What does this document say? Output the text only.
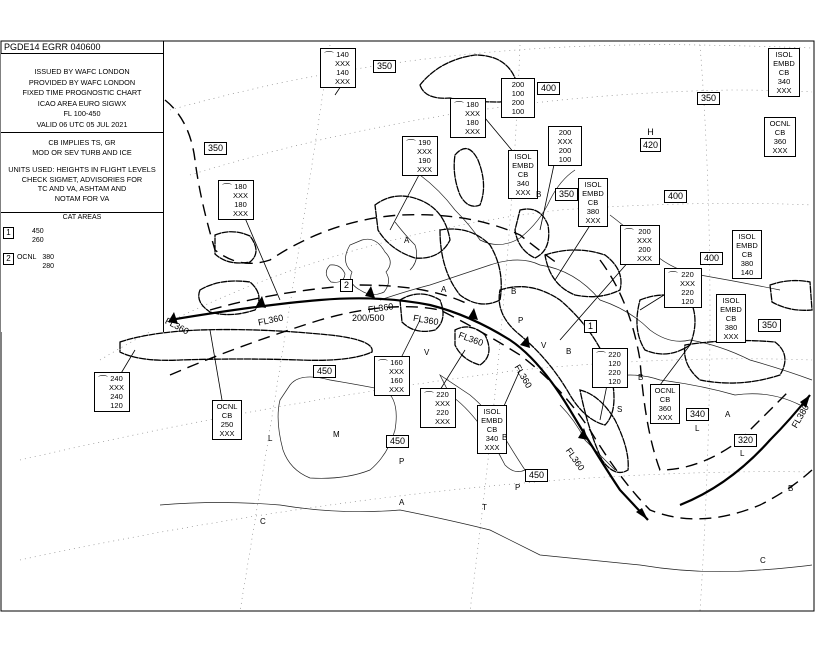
PGDE14 EGRR 040600
ISSUED BY WAFC LONDON
PROVIDED BY WAFC LONDON
FIXED TIME PROGNOSTIC CHART
ICAO AREA EURO SIGWX
FL 100-450
VALID 06 UTC 05 JUL 2021
CB IMPLIES TS, GR
MOD OR SEV TURB AND ICE
UNITS USED: HEIGHTS IN FLIGHT LEVELS
CHECK SIGMET, ADVISORIES FOR
TC AND VA, ASHTAM AND
NOTAM FOR VA
CAT AREAS
1	450
260
2 OCNL 380
280
FL360	FL360	200/500
FL360
FL360
FL360
FL360
FL360
FL380
350
350
400
350
350	400
400
450
450
450
350
340
320
H
420
⌒ 140
XXX
140
XXX
⌒ 180
XXX
180
XXX
200
100
200
100
200
XXX
200
100
⌒ 190
XXX
190
XXX
⌒ 180
XXX
180
XXX
ISOL
EMBD
CB
340
XXX
ISOL
EMBD
CB
380
XXX
ISOL
EMBD
CB
340
XXX
OCNL
CB
360
XXX
⌒ 200
XXX
200
XXX
⌒ 220
XXX
220
120
ISOL
EMBD
CB
380
140
ISOL
EMBD
CB
380
XXX
⌒ 240
XXX
240
120	OCNL
CB
250
XXX
⌒ 160
XXX
160
XXX
⌒ 220
XXX
220
XXX
ISOL
EMBD
CB
340
XXX
⌒ 220
120
220
120
OCNL
CB
360
XXX
2
1
A
A
B
P
V
B
B
M
L
P
A
C
B
T
P
A
C
L
L
B
V
B
S
